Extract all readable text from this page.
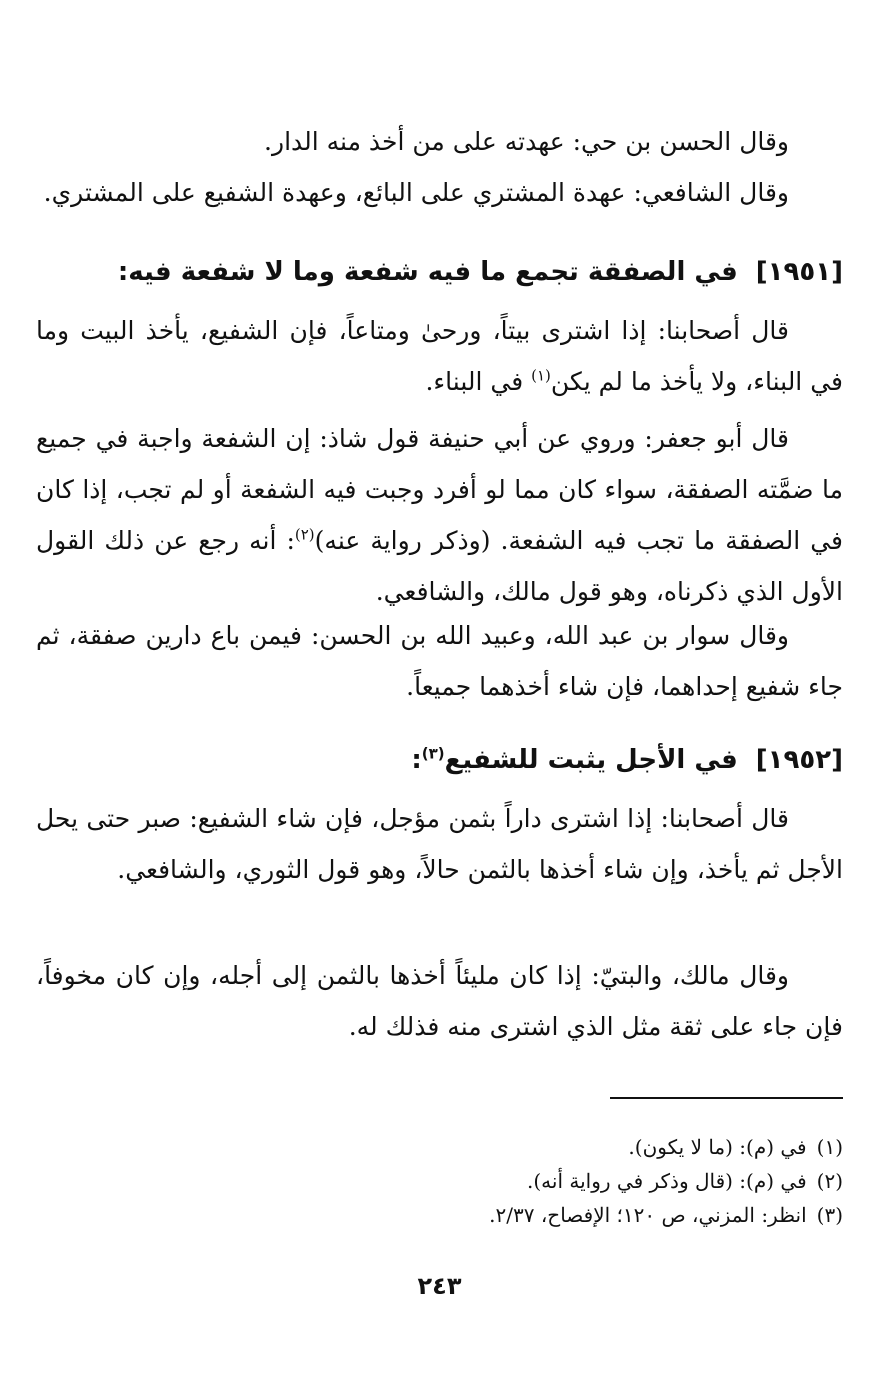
وقال الحسن بن حي: عهدته على من أخذ منه الدار.

وقال الشافعي: عهدة المشتري على البائع، وعهدة الشفيع على المشتري.

[١٩٥١]
في الصفقة تجمع ما فيه شفعة وما لا شفعة فيه:

قال أصحابنا: إذا اشترى بيتاً، ورحىٰ ومتاعاً، فإن الشفيع، يأخذ البيت وما في البناء، ولا يأخذ ما لم يكن$^{(١)}$ في البناء.

قال أبو جعفر: وروي عن أبي حنيفة قول شاذ: إن الشفعة واجبة في جميع ما ضمَّته الصفقة، سواء كان مما لو أفرد وجبت فيه الشفعة أو لم تجب، إذا كان في الصفقة ما تجب فيه الشفعة. (وذكر رواية عنه)$^{(٢)}$: أنه رجع عن ذلك القول الأول الذي ذكرناه، وهو قول مالك، والشافعي.

وقال سوار بن عبد الله، وعبيد الله بن الحسن: فيمن باع دارين صفقة، ثم جاء شفيع إحداهما، فإن شاء أخذهما جميعاً.

[١٩٥٢]
في الأجل يثبت للشفيع$^{(٣)}$:

قال أصحابنا: إذا اشترى داراً بثمن مؤجل، فإن شاء الشفيع: صبر حتى يحل الأجل ثم يأخذ، وإن شاء أخذها بالثمن حالاً، وهو قول الثوري، والشافعي.

وقال مالك، والبتيّ: إذا كان مليئاً أخذها بالثمن إلى أجله، وإن كان مخوفاً، فإن جاء على ثقة مثل الذي اشترى منه فذلك له.

(١)في (م): (ما لا يكون).

(٢)في (م): (قال وذكر في رواية أنه).

(٣)انظر: المزني، ص ١٢٠؛ الإفصاح، ٢/٣٧.

٢٤٣
